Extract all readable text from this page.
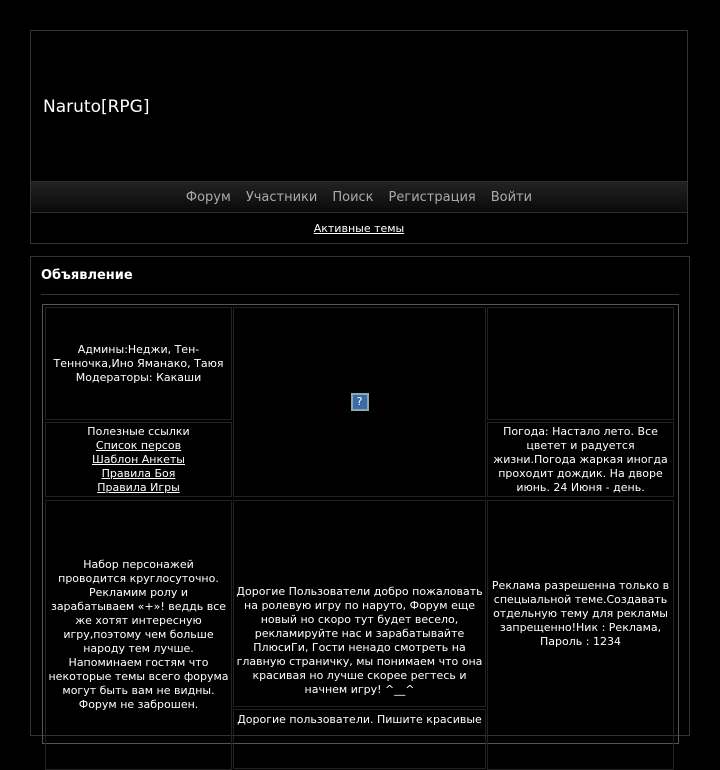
Naruto[RPG]
Форум Участники Поиск Регистрация Войти
Активные темы
Объявление
Админы:Неджи, Тен-Тенночка,Ино Яманако, Таюя
Модераторы: Какаши
?
Полезные ссылки
Список персов
Шаблон Анкеты
Правила Боя
Правила Игры
Погода: Настало лето. Все цветет и радуется жизни.Погода жаркая иногда проходит дождик. На дворе июнь. 24 Июня - день.
Набор персонажей проводится круглосуточно. Рекламим ролу и зарабатываем «+»! веддь все же хотят интересную игру,поэтому чем больше народу тем лучше. Напоминаем гостям что некоторые темы всего форума могут быть вам не видны. Форум не заброшен.
Дорогие Пользователи добро пожаловать на ролевую игру по наруто, Форум еще новый но скоро тут будет весело, рекламируйте нас и зарабатывайте ПлюсиГи, Гости ненадо смотреть на главную страничку, мы понимаем что она красивая но лучше скорее регтесь и начнем игру! ^__^
Реклама разрешенна только в спецыальной теме.Создавать отдельную тему для рекламы запрещенно!Ник : Реклама, Пароль : 1234
Дорогие пользователи. Пишите красивые
